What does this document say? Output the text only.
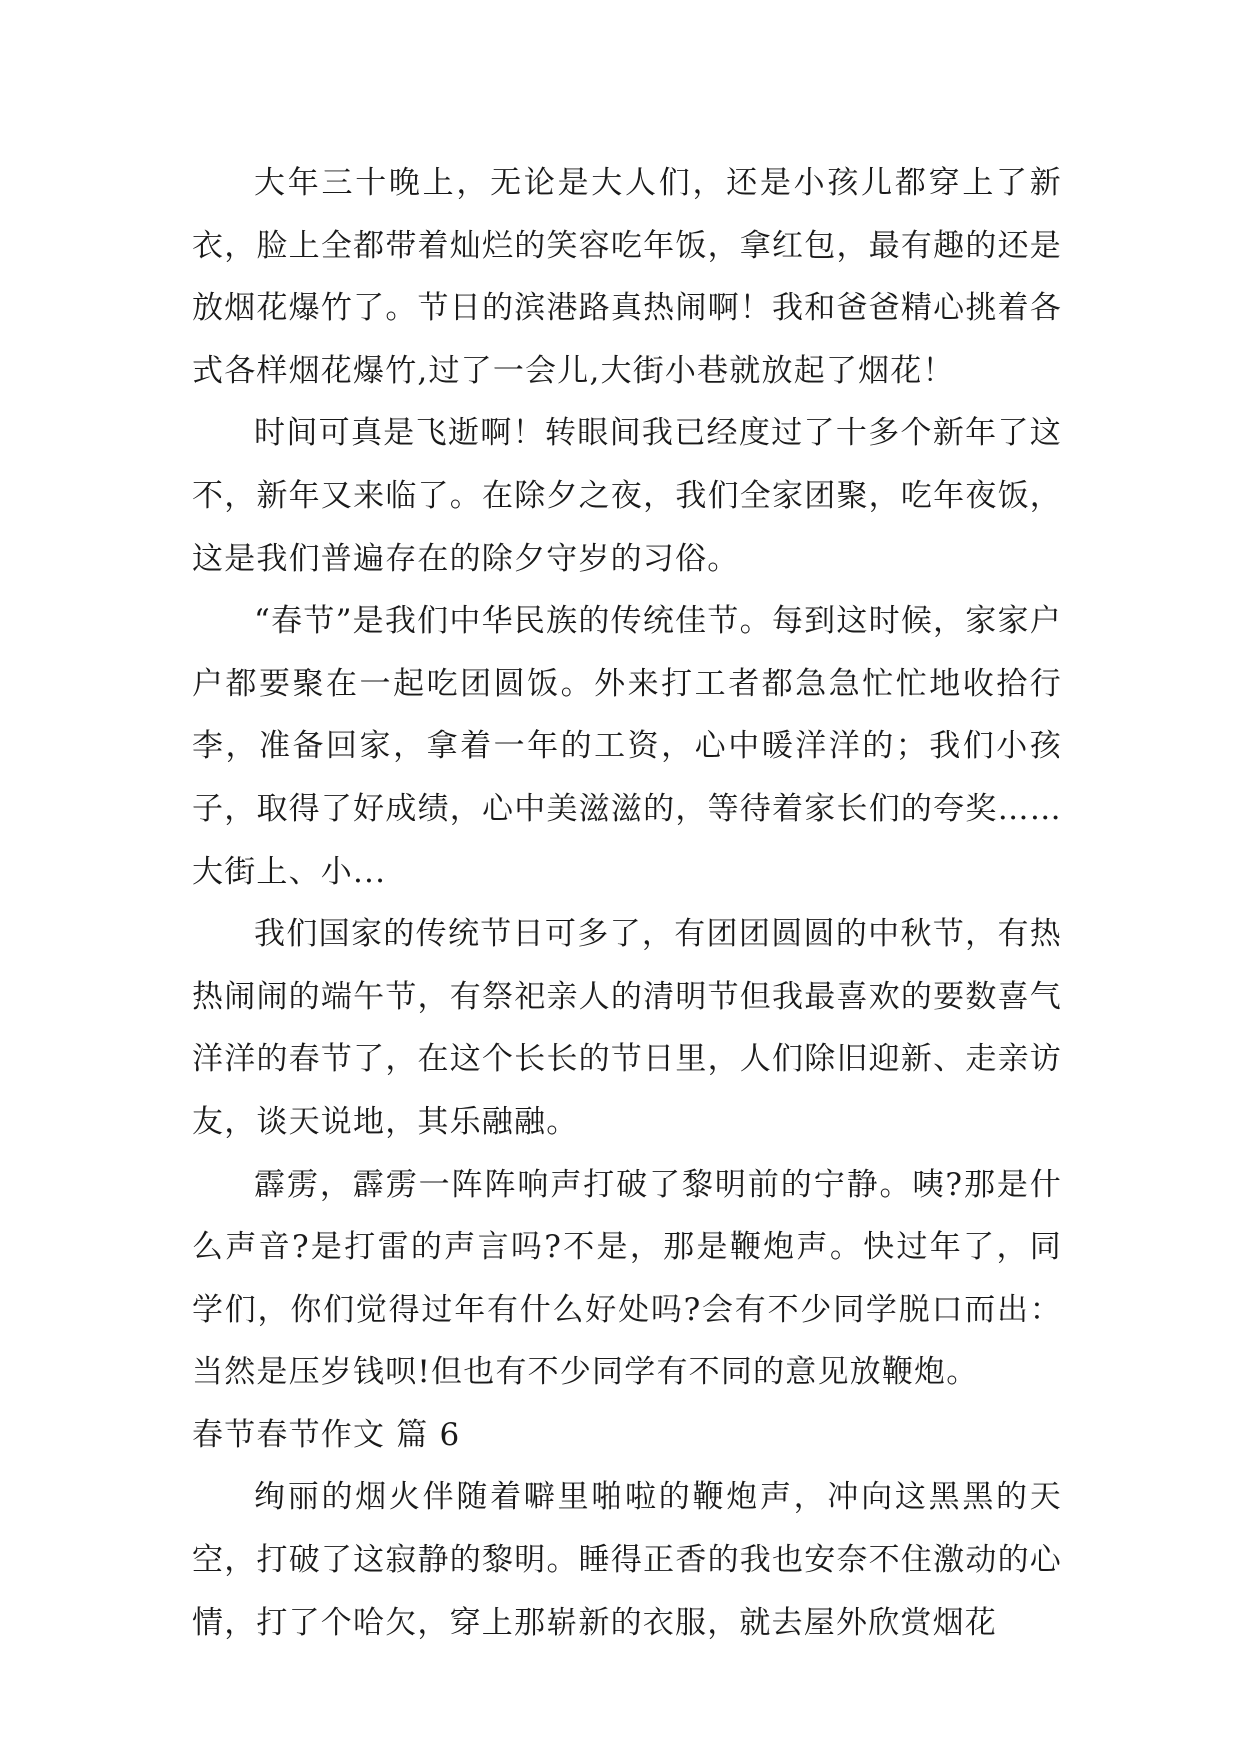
大年三十晚上，无论是大人们，还是小孩儿都穿上了新衣，脸上全都带着灿烂的笑容吃年饭，拿红包，最有趣的还是放烟花爆竹了。节日的滨港路真热闹啊！我和爸爸精心挑着各式各样烟花爆竹,过了一会儿,大街小巷就放起了烟花！

时间可真是飞逝啊！转眼间我已经度过了十多个新年了这不，新年又来临了。在除夕之夜，我们全家团聚，吃年夜饭，这是我们普遍存在的除夕守岁的习俗。

“春节”是我们中华民族的传统佳节。每到这时候，家家户户都要聚在一起吃团圆饭。外来打工者都急急忙忙地收拾行李，准备回家，拿着一年的工资，心中暖洋洋的；我们小孩子，取得了好成绩，心中美滋滋的，等待着家长们的夸奖……大街上、小...

我们国家的传统节日可多了，有团团圆圆的中秋节，有热热闹闹的端午节，有祭祀亲人的清明节但我最喜欢的要数喜气洋洋的春节了，在这个长长的节日里，人们除旧迎新、走亲访友，谈天说地，其乐融融。

霹雳，霹雳一阵阵响声打破了黎明前的宁静。咦?那是什么声音?是打雷的声言吗?不是，那是鞭炮声。快过年了，同学们，你们觉得过年有什么好处吗?会有不少同学脱口而出：当然是压岁钱呗!但也有不少同学有不同的意见放鞭炮。

春节春节作文 篇 6

绚丽的烟火伴随着噼里啪啦的鞭炮声，冲向这黑黑的天空，打破了这寂静的黎明。睡得正香的我也安奈不住激动的心情，打了个哈欠，穿上那崭新的衣服，就去屋外欣赏烟花
